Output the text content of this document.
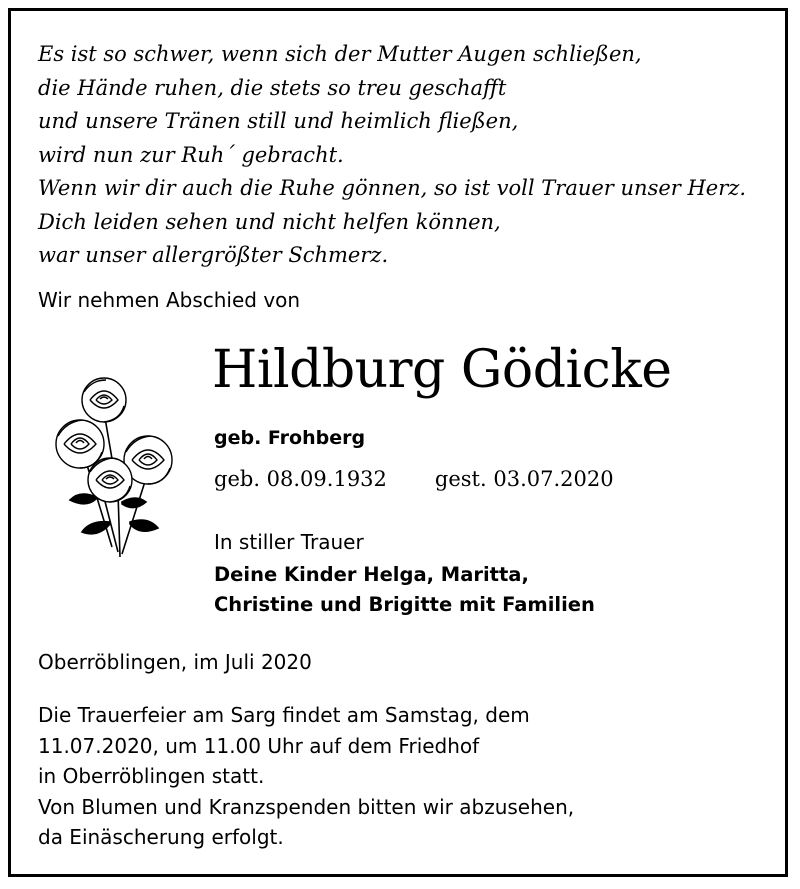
Es ist so schwer, wenn sich der Mutter Augen schließen,
die Hände ruhen, die stets so treu geschafft
und unsere Tränen still und heimlich fließen,
wird nun zur Ruh´ gebracht.
Wenn wir dir auch die Ruhe gönnen, so ist voll Trauer unser Herz.
Dich leiden sehen und nicht helfen können,
war unser allergrößter Schmerz.
Wir nehmen Abschied von
Hildburg Gödicke
geb. Frohberg
geb. 08.09.1932 gest. 03.07.2020
In stiller Trauer
Deine Kinder Helga, Maritta,
Christine und Brigitte mit Familien
Oberröblingen, im Juli 2020
Die Trauerfeier am Sarg findet am Samstag, dem
11.07.2020, um 11.00 Uhr auf dem Friedhof
in Oberröblingen statt.
Von Blumen und Kranzspenden bitten wir abzusehen,
da Einäscherung erfolgt.
